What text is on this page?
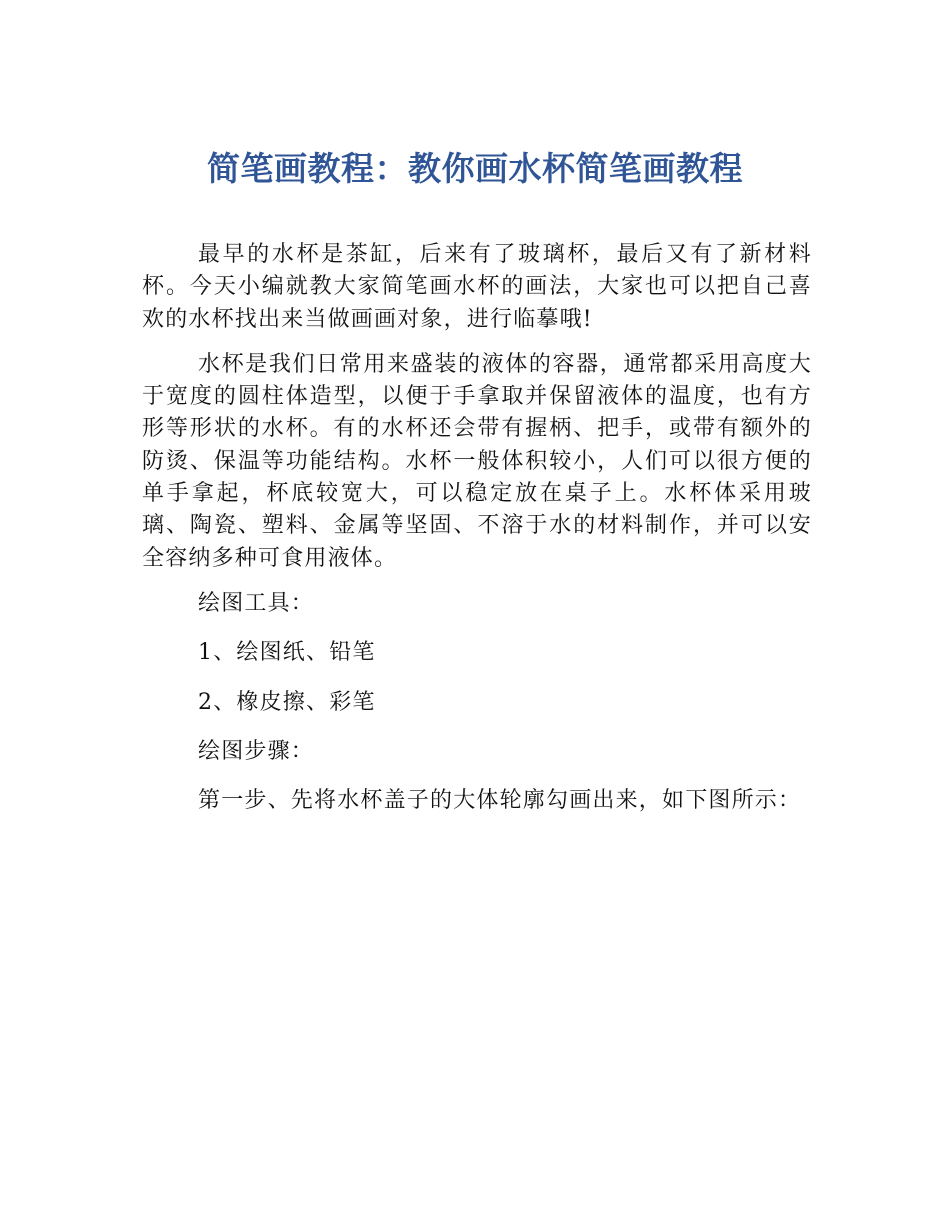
简笔画教程：教你画水杯简笔画教程

最早的水杯是茶缸，后来有了玻璃杯，最后又有了新材料杯。今天小编就教大家简笔画水杯的画法，大家也可以把自己喜欢的水杯找出来当做画画对象，进行临摹哦!

水杯是我们日常用来盛装的液体的容器，通常都采用高度大于宽度的圆柱体造型，以便于手拿取并保留液体的温度，也有方形等形状的水杯。有的水杯还会带有握柄、把手，或带有额外的防烫、保温等功能结构。水杯一般体积较小，人们可以很方便的单手拿起，杯底较宽大，可以稳定放在桌子上。水杯体采用玻璃、陶瓷、塑料、金属等坚固、不溶于水的材料制作，并可以安全容纳多种可食用液体。

绘图工具：

1、绘图纸、铅笔

2、橡皮擦、彩笔

绘图步骤：

第一步、先将水杯盖子的大体轮廓勾画出来，如下图所示：
